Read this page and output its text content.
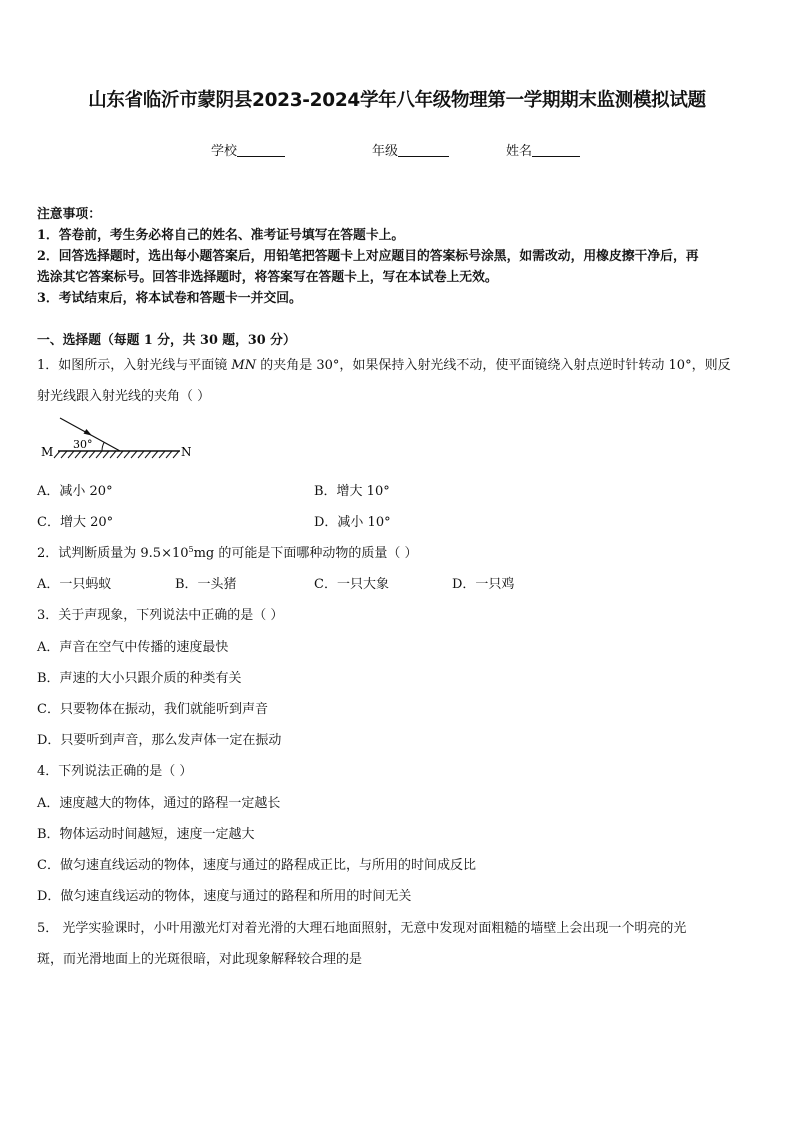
山东省临沂市蒙阴县2023-2024学年八年级物理第一学期期末监测模拟试题
学校	年级	姓名
注意事项：
1．答卷前，考生务必将自己的姓名、准考证号填写在答题卡上。
2．回答选择题时，选出每小题答案后，用铅笔把答题卡上对应题目的答案标号涂黑，如需改动，用橡皮擦干净后，再
选涂其它答案标号。回答非选择题时，将答案写在答题卡上，写在本试卷上无效。
3．考试结束后，将本试卷和答题卡一并交回。
一、选择题（每题 1 分，共 30 题，30 分）
1．如图所示，入射光线与平面镜 MN 的夹角是 30°，如果保持入射光线不动，使平面镜绕入射点逆时针转动 10°，则反
射光线跟入射光线的夹角（ ）
30°
M	N
A．减小 20°	B．增大 10°
C．增大 20°	D．减小 10°
2．试判断质量为 $9.5\times 10^5mg$ 的可能是下面哪种动物的质量（ ）
A．一只蚂蚁	B．一头猪	C．一只大象	D．一只鸡
3．关于声现象，下列说法中正确的是（ ）
A．声音在空气中传播的速度最快
B．声速的大小只跟介质的种类有关
C．只要物体在振动，我们就能听到声音
D．只要听到声音，那么发声体一定在振动
4．下列说法正确的是（ ）
A．速度越大的物体，通过的路程一定越长
B．物体运动时间越短，速度一定越大
C．做匀速直线运动的物体，速度与通过的路程成正比，与所用的时间成反比
D．做匀速直线运动的物体，速度与通过的路程和所用的时间无关
5． 光学实验课时，小叶用激光灯对着光滑的大理石地面照射，无意中发现对面粗糙的墙壁上会出现一个明亮的光
斑，而光滑地面上的光斑很暗，对此现象解释较合理的是
